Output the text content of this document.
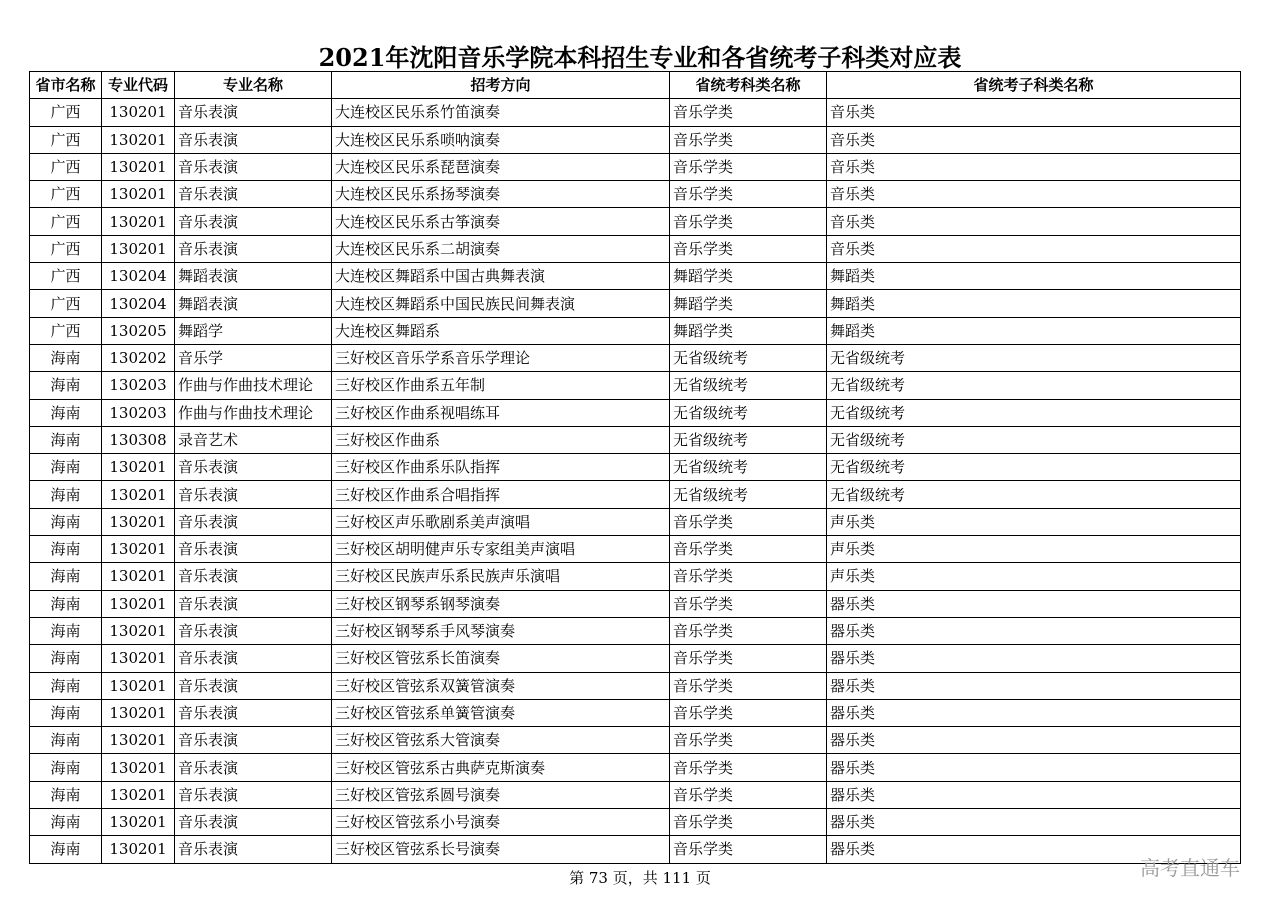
2021年沈阳音乐学院本科招生专业和各省统考子科类对应表
省市名称	专业代码	专业名称	招考方向	省统考科类名称	省统考子科类名称
广西	130201	音乐表演	大连校区民乐系竹笛演奏	音乐学类	音乐类
广西	130201	音乐表演	大连校区民乐系唢呐演奏	音乐学类	音乐类
广西	130201	音乐表演	大连校区民乐系琵琶演奏	音乐学类	音乐类
广西	130201	音乐表演	大连校区民乐系扬琴演奏	音乐学类	音乐类
广西	130201	音乐表演	大连校区民乐系古筝演奏	音乐学类	音乐类
广西	130201	音乐表演	大连校区民乐系二胡演奏	音乐学类	音乐类
广西	130204	舞蹈表演	大连校区舞蹈系中国古典舞表演	舞蹈学类	舞蹈类
广西	130204	舞蹈表演	大连校区舞蹈系中国民族民间舞表演	舞蹈学类	舞蹈类
广西	130205	舞蹈学	大连校区舞蹈系	舞蹈学类	舞蹈类
海南	130202	音乐学	三好校区音乐学系音乐学理论	无省级统考	无省级统考
海南	130203	作曲与作曲技术理论	三好校区作曲系五年制	无省级统考	无省级统考
海南	130203	作曲与作曲技术理论	三好校区作曲系视唱练耳	无省级统考	无省级统考
海南	130308	录音艺术	三好校区作曲系	无省级统考	无省级统考
海南	130201	音乐表演	三好校区作曲系乐队指挥	无省级统考	无省级统考
海南	130201	音乐表演	三好校区作曲系合唱指挥	无省级统考	无省级统考
海南	130201	音乐表演	三好校区声乐歌剧系美声演唱	音乐学类	声乐类
海南	130201	音乐表演	三好校区胡明健声乐专家组美声演唱	音乐学类	声乐类
海南	130201	音乐表演	三好校区民族声乐系民族声乐演唱	音乐学类	声乐类
海南	130201	音乐表演	三好校区钢琴系钢琴演奏	音乐学类	器乐类
海南	130201	音乐表演	三好校区钢琴系手风琴演奏	音乐学类	器乐类
海南	130201	音乐表演	三好校区管弦系长笛演奏	音乐学类	器乐类
海南	130201	音乐表演	三好校区管弦系双簧管演奏	音乐学类	器乐类
海南	130201	音乐表演	三好校区管弦系单簧管演奏	音乐学类	器乐类
海南	130201	音乐表演	三好校区管弦系大管演奏	音乐学类	器乐类
海南	130201	音乐表演	三好校区管弦系古典萨克斯演奏	音乐学类	器乐类
海南	130201	音乐表演	三好校区管弦系圆号演奏	音乐学类	器乐类
海南	130201	音乐表演	三好校区管弦系小号演奏	音乐学类	器乐类
海南	130201	音乐表演	三好校区管弦系长号演奏	音乐学类	器乐类
第 73 页，共 111 页	高考直通车
